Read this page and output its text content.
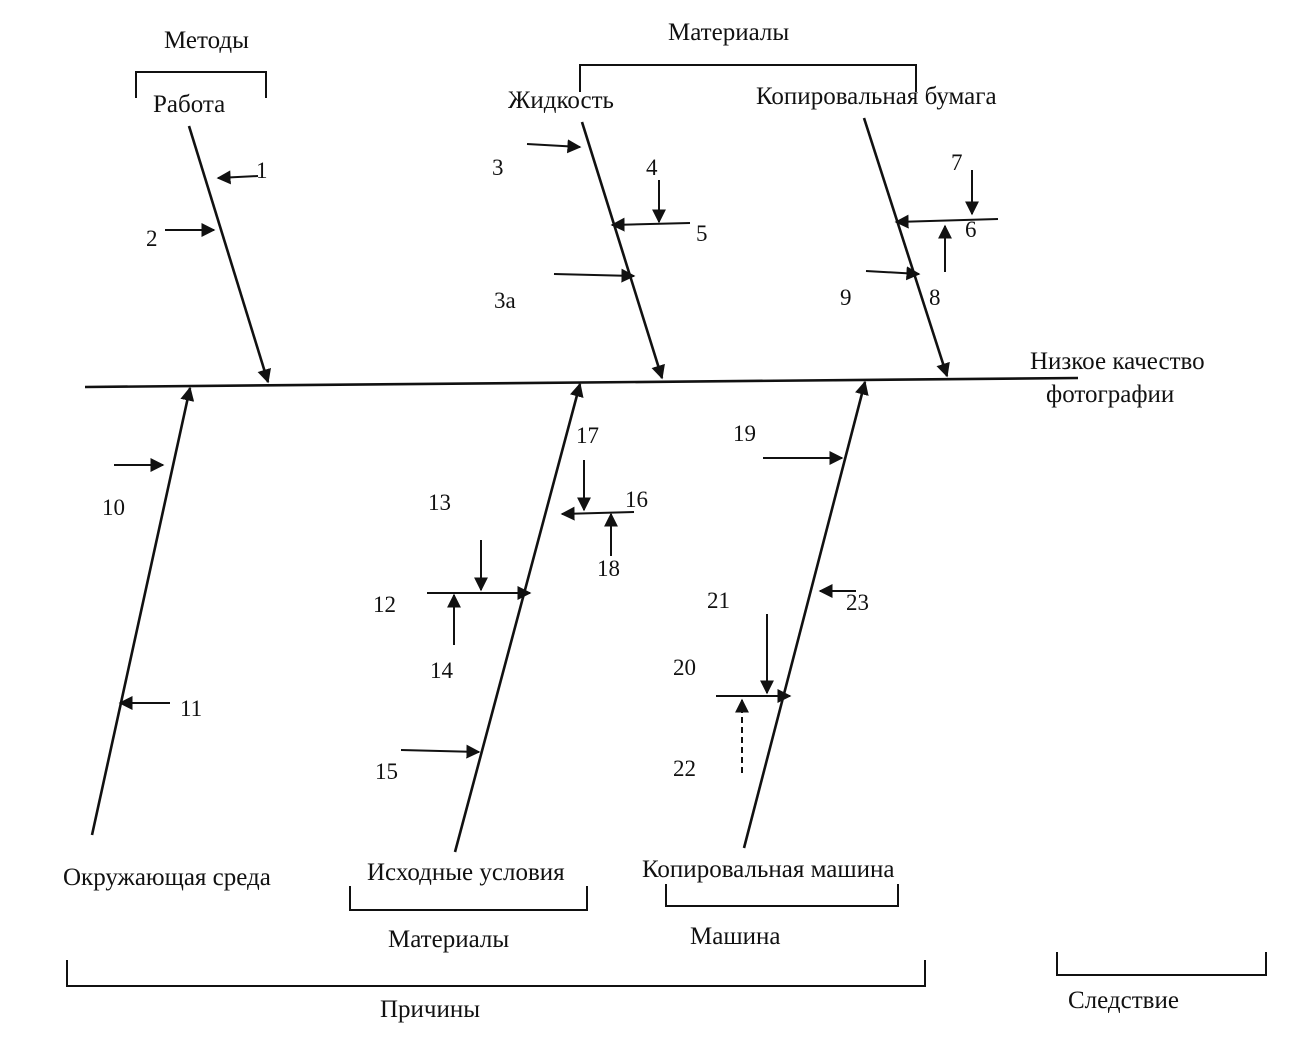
Низкое качество
фотографии
Методы
Работа
1
2
Материалы
Жидкость	Копировальная бумага
3	4
5
3а
7
6
8
9
Окружающая среда
10
11
Исходные условия
Материалы
17
16
18
13
12
14
15
Копировальная машина
Машина
19
23
21
20
22
Причины	Следствие
